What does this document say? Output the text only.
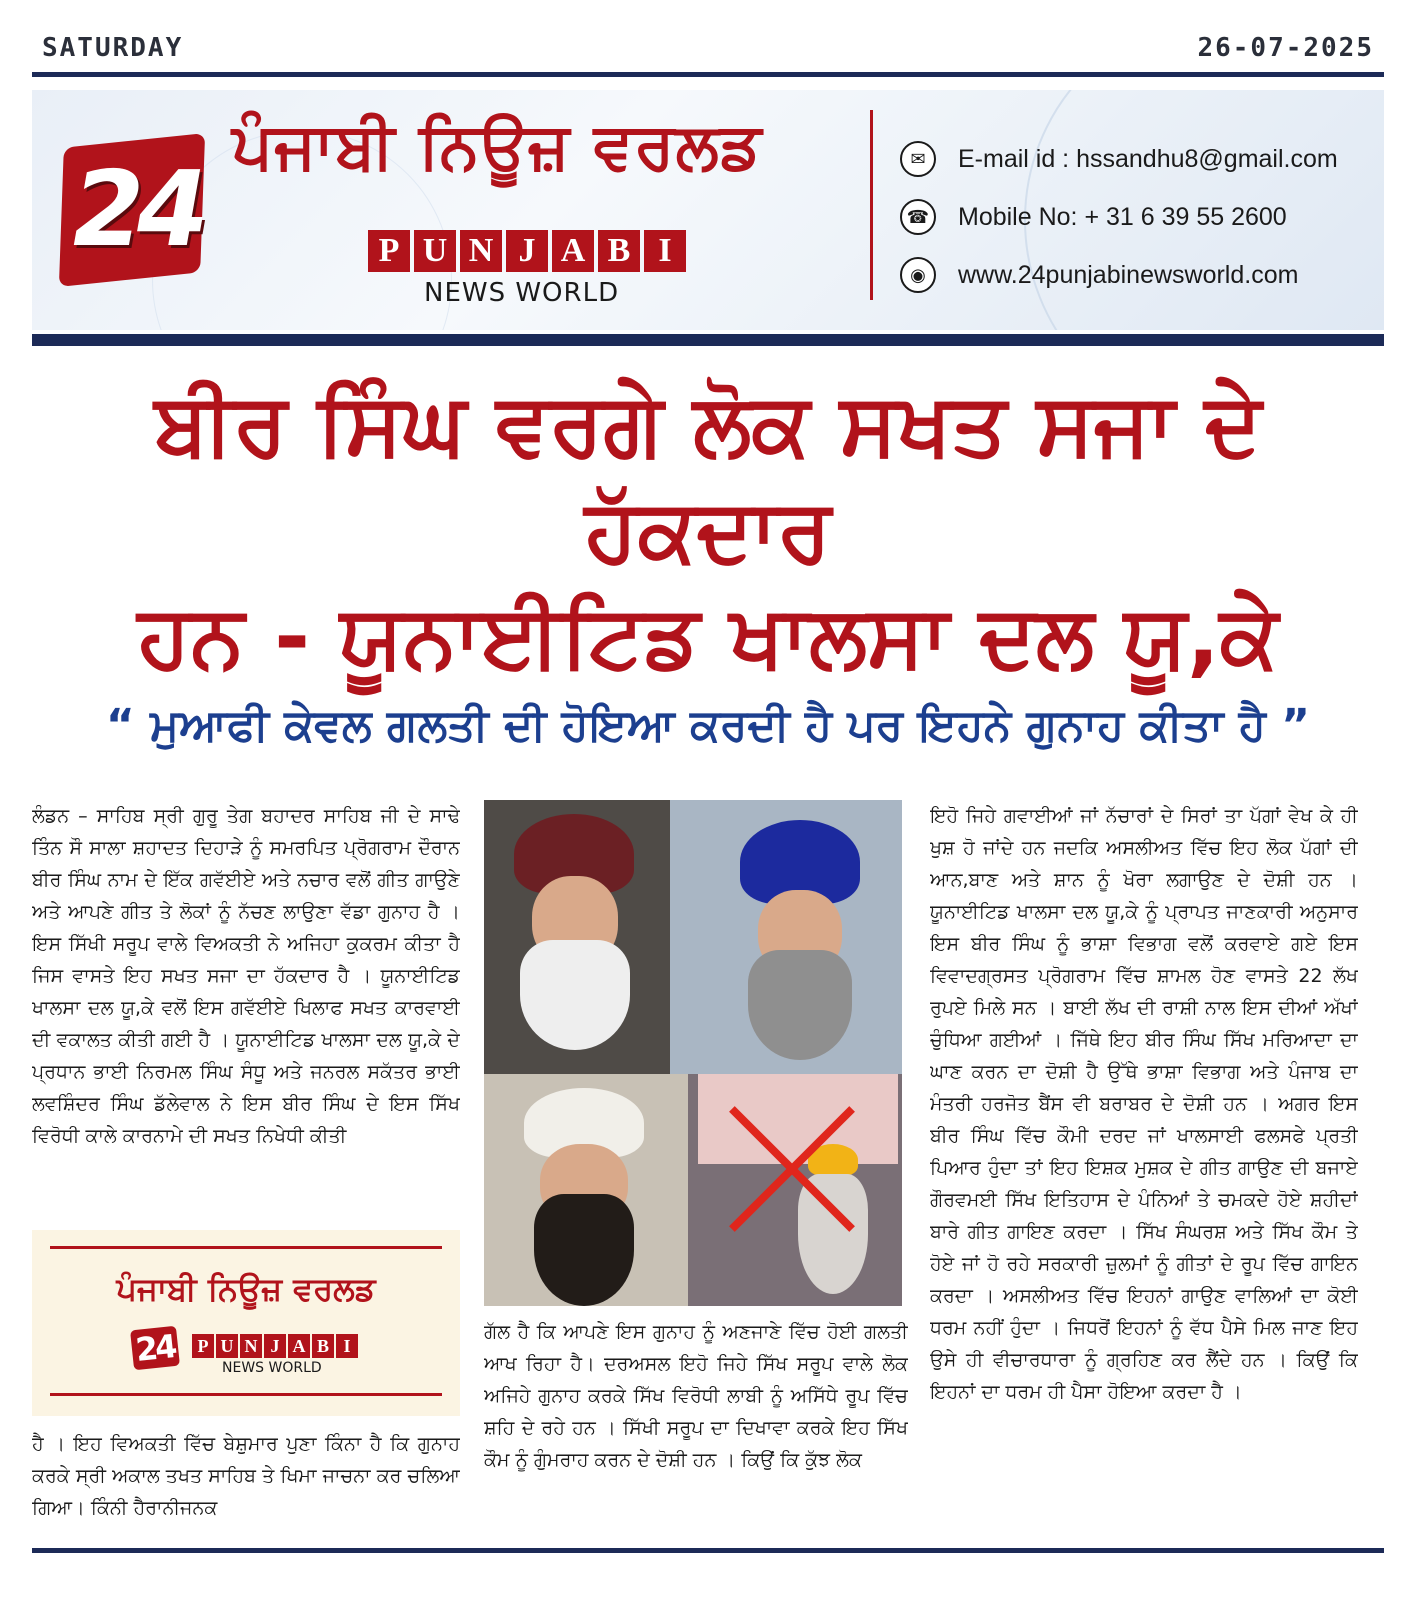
SATURDAY	26-07-2025
24
ਪੰਜਾਬੀ ਨਿਊਜ਼ ਵਰਲਡ
P U N J A B I
NEWS WORLD
✉	E-mail id : hssandhu8@gmail.com
☎ Mobile No: + 31 6 39 55 2600
◉	www.24punjabinewsworld.com
ਬੀਰ ਸਿੰਘ ਵਰਗੇ ਲੋਕ ਸਖਤ ਸਜਾ ਦੇ ਹੱਕਦਾਰ
ਹਨ - ਯੂਨਾਈਟਿਡ ਖਾਲਸਾ ਦਲ ਯੂ,ਕੇ
“ ਮੁਆਫੀ ਕੇਵਲ ਗਲਤੀ ਦੀ ਹੋਇਆ ਕਰਦੀ ਹੈ ਪਰ ਇਹਨੇ ਗੁਨਾਹ ਕੀਤਾ ਹੈ ”
ਲੰਡਨ – ਸਾਹਿਬ ਸ੍ਰੀ ਗੁਰੂ ਤੇਗ ਬਹਾਦਰ ਸਾਹਿਬ ਜੀ ਦੇ ਸਾਢੇ ਤਿੰਨ ਸੌ ਸਾਲਾ ਸ਼ਹਾਦਤ ਦਿਹਾੜੇ ਨੂੰ ਸਮਰਪਿਤ ਪ੍ਰੋਗਰਾਮ ਦੌਰਾਨ ਬੀਰ ਸਿੰਘ ਨਾਮ ਦੇ ਇੱਕ ਗਵੱਈਏ ਅਤੇ ਨਚਾਰ ਵਲੋਂ ਗੀਤ ਗਾਉਣੇ ਅਤੇ ਆਪਣੇ ਗੀਤ ਤੇ ਲੋਕਾਂ ਨੂੰ ਨੱਚਣ ਲਾਉਣਾ ਵੱਡਾ ਗੁਨਾਹ ਹੈ । ਇਸ ਸਿੱਖੀ ਸਰੂਪ ਵਾਲੇ ਵਿਅਕਤੀ ਨੇ ਅਜਿਹਾ ਕੁਕਰਮ ਕੀਤਾ ਹੈ ਜਿਸ ਵਾਸਤੇ ਇਹ ਸਖਤ ਸਜਾ ਦਾ ਹੱਕਦਾਰ ਹੈ । ਯੂਨਾਈਟਿਡ ਖਾਲਸਾ ਦਲ ਯੂ,ਕੇ ਵਲੋਂ ਇਸ ਗਵੱਈਏ ਖਿਲਾਫ ਸਖਤ ਕਾਰਵਾਈ ਦੀ ਵਕਾਲਤ ਕੀਤੀ ਗਈ ਹੈ । ਯੂਨਾਈਟਿਡ ਖਾਲਸਾ ਦਲ ਯੂ,ਕੇ ਦੇ ਪ੍ਰਧਾਨ ਭਾਈ ਨਿਰਮਲ ਸਿੰਘ ਸੰਧੂ ਅਤੇ ਜਨਰਲ ਸਕੱਤਰ ਭਾਈ ਲਵਸ਼ਿੰਦਰ ਸਿੰਘ ਡੱਲੇਵਾਲ ਨੇ ਇਸ ਬੀਰ ਸਿੰਘ ਦੇ ਇਸ ਸਿੱਖ ਵਿਰੋਧੀ ਕਾਲੇ ਕਾਰਨਾਮੇ ਦੀ ਸਖਤ ਨਿਖੇਧੀ ਕੀਤੀ
ਪੰਜਾਬੀ ਨਿਊਜ਼ ਵਰਲਡ
24	P U N J A B I
NEWS WORLD
ਹੈ । ਇਹ ਵਿਅਕਤੀ ਵਿੱਚ ਬੇਸ਼ੁਮਾਰ ਪੁਣਾ ਕਿੰਨਾ ਹੈ ਕਿ ਗੁਨਾਹ ਕਰਕੇ ਸ੍ਰੀ ਅਕਾਲ ਤਖਤ ਸਾਹਿਬ ਤੇ ਖਿਮਾ ਜਾਚਨਾ ਕਰ ਚਲਿਆ ਗਿਆ। ਕਿੰਨੀ ਹੈਰਾਨੀਜਨਕ
ਗੱਲ ਹੈ ਕਿ ਆਪਣੇ ਇਸ ਗੁਨਾਹ ਨੂੰ ਅਣਜਾਣੇ ਵਿੱਚ ਹੋਈ ਗਲਤੀ ਆਖ ਰਿਹਾ ਹੈ। ਦਰਅਸਲ ਇਹੋ ਜਿਹੇ ਸਿੱਖ ਸਰੂਪ ਵਾਲੇ ਲੋਕ ਅਜਿਹੇ ਗੁਨਾਹ ਕਰਕੇ ਸਿੱਖ ਵਿਰੋਧੀ ਲਾਬੀ ਨੂੰ ਅਸਿੱਧੇ ਰੂਪ ਵਿੱਚ ਸ਼ਹਿ ਦੇ ਰਹੇ ਹਨ । ਸਿੱਖੀ ਸਰੂਪ ਦਾ ਦਿਖਾਵਾ ਕਰਕੇ ਇਹ ਸਿੱਖ ਕੌਮ ਨੂੰ ਗੁੰਮਰਾਹ ਕਰਨ ਦੇ ਦੋਸ਼ੀ ਹਨ । ਕਿਉਂ ਕਿ ਕੁੱਝ ਲੋਕ
ਇਹੋ ਜਿਹੇ ਗਵਾਈਆਂ ਜਾਂ ਨੱਚਾਰਾਂ ਦੇ ਸਿਰਾਂ ਤਾ ਪੱਗਾਂ ਵੇਖ ਕੇ ਹੀ ਖੁਸ਼ ਹੋ ਜਾਂਦੇ ਹਨ ਜਦਕਿ ਅਸਲੀਅਤ ਵਿੱਚ ਇਹ ਲੋਕ ਪੱਗਾਂ ਦੀ ਆਨ,ਬਾਣ ਅਤੇ ਸ਼ਾਨ ਨੂੰ ਖੋਰਾ ਲਗਾਉਣ ਦੇ ਦੋਸ਼ੀ ਹਨ । ਯੂਨਾਈਟਿਡ ਖਾਲਸਾ ਦਲ ਯੂ,ਕੇ ਨੂੰ ਪ੍ਰਾਪਤ ਜਾਣਕਾਰੀ ਅਨੁਸਾਰ ਇਸ ਬੀਰ ਸਿੰਘ ਨੂੰ ਭਾਸ਼ਾ ਵਿਭਾਗ ਵਲੋਂ ਕਰਵਾਏ ਗਏ ਇਸ ਵਿਵਾਦਗ੍ਰਸਤ ਪ੍ਰੋਗਰਾਮ ਵਿੱਚ ਸ਼ਾਮਲ ਹੋਣ ਵਾਸਤੇ 22 ਲੱਖ ਰੁਪਏ ਮਿਲੇ ਸਨ । ਬਾਈ ਲੱਖ ਦੀ ਰਾਸ਼ੀ ਨਾਲ ਇਸ ਦੀਆਂ ਅੱਖਾਂ ਚੁੰਧਿਆ ਗਈਆਂ । ਜਿੱਥੇ ਇਹ ਬੀਰ ਸਿੰਘ ਸਿੱਖ ਮਰਿਆਦਾ ਦਾ ਘਾਣ ਕਰਨ ਦਾ ਦੋਸ਼ੀ ਹੈ ਉੱਥੇ ਭਾਸ਼ਾ ਵਿਭਾਗ ਅਤੇ ਪੰਜਾਬ ਦਾ ਮੰਤਰੀ ਹਰਜੋਤ ਬੈਂਸ ਵੀ ਬਰਾਬਰ ਦੇ ਦੋਸ਼ੀ ਹਨ । ਅਗਰ ਇਸ ਬੀਰ ਸਿੰਘ ਵਿੱਚ ਕੌਮੀ ਦਰਦ ਜਾਂ ਖਾਲਸਾਈ ਫਲਸਫੇ ਪ੍ਰਤੀ ਪਿਆਰ ਹੁੰਦਾ ਤਾਂ ਇਹ ਇਸ਼ਕ ਮੁਸ਼ਕ ਦੇ ਗੀਤ ਗਾਉਣ ਦੀ ਬਜਾਏ ਗੌਰਵਮਈ ਸਿੱਖ ਇਤਿਹਾਸ ਦੇ ਪੰਨਿਆਂ ਤੇ ਚਮਕਦੇ ਹੋਏ ਸ਼ਹੀਦਾਂ ਬਾਰੇ ਗੀਤ ਗਾਇਣ ਕਰਦਾ । ਸਿੱਖ ਸੰਘਰਸ਼ ਅਤੇ ਸਿੱਖ ਕੌਮ ਤੇ ਹੋਏ ਜਾਂ ਹੋ ਰਹੇ ਸਰਕਾਰੀ ਜ਼ੁਲਮਾਂ ਨੂੰ ਗੀਤਾਂ ਦੇ ਰੂਪ ਵਿੱਚ ਗਾਇਨ ਕਰਦਾ । ਅਸਲੀਅਤ ਵਿੱਚ ਇਹਨਾਂ ਗਾਉਣ ਵਾਲਿਆਂ ਦਾ ਕੋਈ ਧਰਮ ਨਹੀਂ ਹੁੰਦਾ । ਜਿਧਰੋਂ ਇਹਨਾਂ ਨੂੰ ਵੱਧ ਪੈਸੇ ਮਿਲ ਜਾਣ ਇਹ ਉਸੇ ਹੀ ਵੀਚਾਰਧਾਰਾ ਨੂੰ ਗ੍ਰਹਿਣ ਕਰ ਲੈਂਦੇ ਹਨ । ਕਿਉਂ ਕਿ ਇਹਨਾਂ ਦਾ ਧਰਮ ਹੀ ਪੈਸਾ ਹੋਇਆ ਕਰਦਾ ਹੈ ।
